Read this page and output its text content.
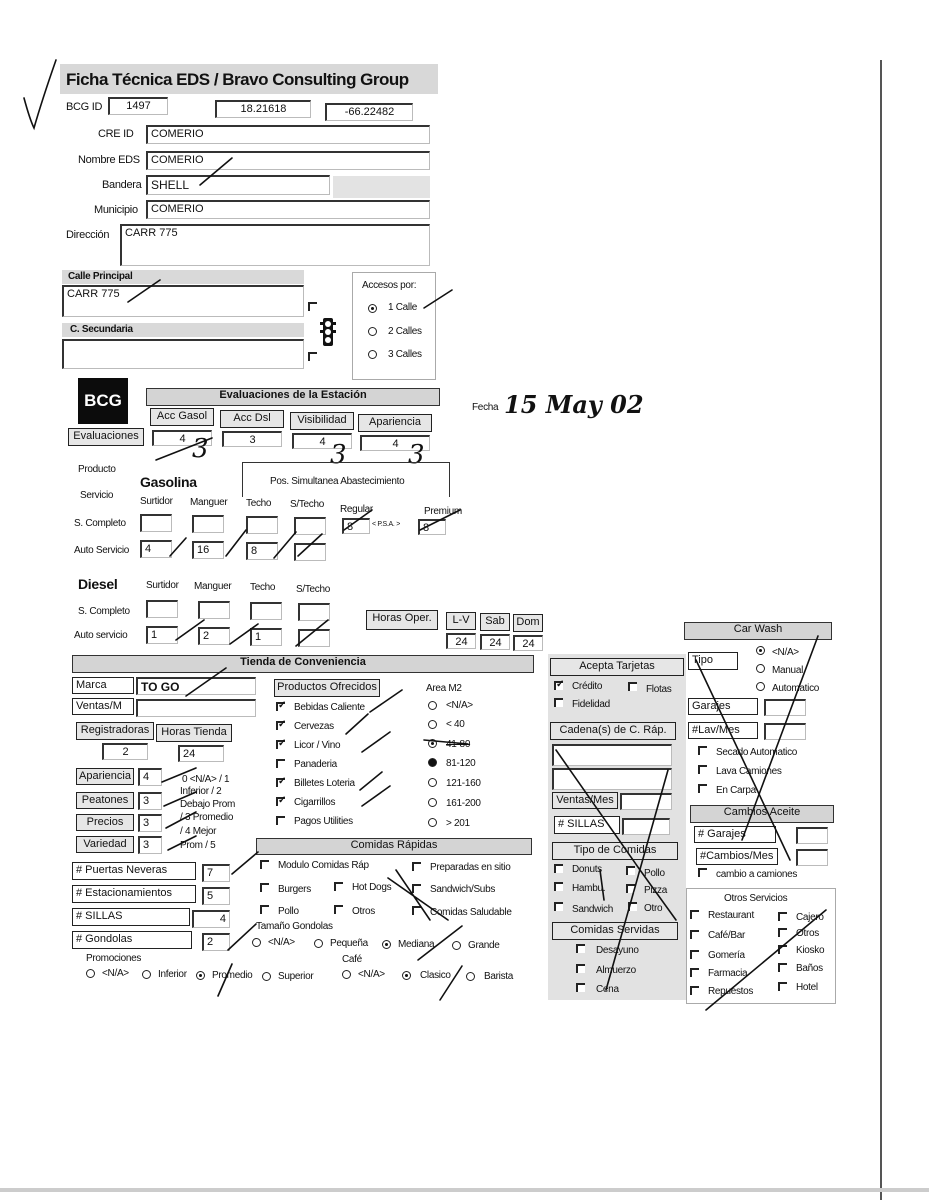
Ficha Técnica EDS / Bravo Consulting Group
BCG ID	1497	18.21618	-66.22482
CRE ID	COMERIO
Nombre EDS	COMERIO
Bandera SHELL
Municipio	COMERIO
Dirección	CARR 775
Calle Principal
CARR 775
C. Secundaria
Accesos por:
1 Calle
2 Calles
3 Calles
BCG
Evaluaciones
Evaluaciones de la Estación
Acc Gasol	Acc Dsl	Visibilidad	Apariencia
4	3	4	4
3	3 3
Fecha 15 May 02
Producto
Servicio
Gasolina
Surtidor Manguer Techo S/Techo
S. Completo
Auto Servicio	4	16	8
Pos. Simultanea Abastecimiento
Regular	Premium
8	< P.S.A. >	8
Diesel	Surtidor Manguer Techo S/Techo
S. Completo
Auto servicio	1	2	1
Horas Oper.	L-V	Sab	Dom
24	24	24
Tienda de Conveniencia
Marca	TO GO
Ventas/M
Registradoras
2
Horas Tienda
24
Apariencia	4
Peatones	3
Precios	3
Variedad	3
0 <N/A> / 1
Inferior / 2
Debajo Prom
/ 3 Promedio
/ 4 Mejor
Prom / 5
# Puertas Neveras	7
# Estacionamientos	5
# SILLAS	4
# Gondolas	2
Productos Ofrecidos
✓
Bebidas Caliente
✓
Cervezas
✓
Licor / Vino
Panaderia
✓
Billetes Loteria
✓
Cigarrillos
Pagos Utilities
Area M2
<N/A>
< 40
41-80
81-120
121-160
161-200
> 201
Comidas Rápidas
Modulo Comidas Ráp	Preparadas en sitio
Burgers	Hot Dogs	Sandwich/Subs
Pollo	Otros	Comidas Saludable
Tamaño Gondolas
<N/A>	Pequeña	Mediana	Grande
Promociones
<N/A>	Inferior	Promedio	Superior
Café
<N/A>	Clasico	Barista
Acepta Tarjetas
✓
Crédito	Flotas
Fidelidad
Cadena(s) de C. Ráp.
Ventas/Mes
# SILLAS
Tipo de Comidas
Donuts	Pollo
Hambu.	Pizza
Sandwich	Otro
Comidas Servidas
Desayuno
Almuerzo
Cena
Car Wash
Tipo
<N/A>
Manual
Automatico
Garajes
#Lav/Mes
Secado Automatico
Lava Camiones
En Carpa
Cambios Aceite
# Garajes
#Cambios/Mes
cambio a camiones
Otros Servicios
Restaurant
Café/Bar
Gomería
Farmacia
Repuestos
Cajero
Otros
Kiosko
Baños
Hotel
